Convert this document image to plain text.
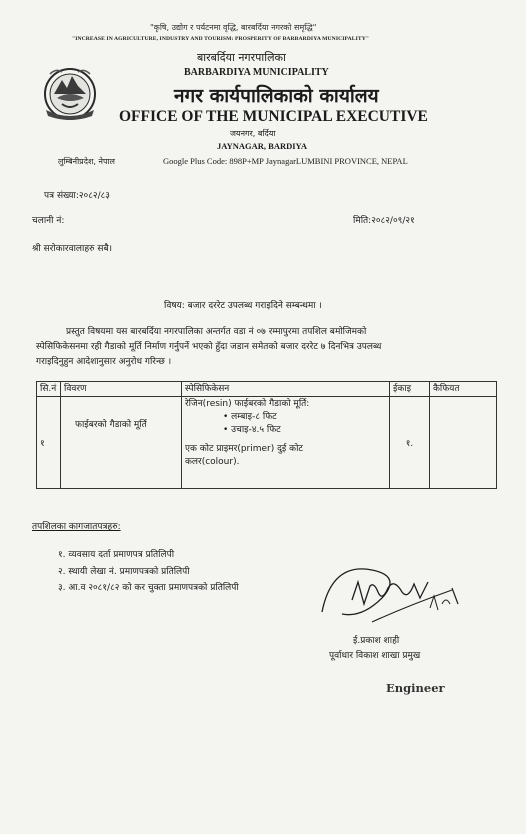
"कृषि, उद्योग र पर्यटनमा वृद्धि, बारबर्दिया नगरको समृद्धि"
"INCREASE IN AGRICULTURE, INDUSTRY AND TOURISM: PROSPERITY OF BARBARDIYA MUNICIPALITY"
बारबर्दिया नगरपालिका
BARBARDIYA MUNICIPALITY
नगर कार्यपालिकाको कार्यालय
OFFICE OF THE MUNICIPAL EXECUTIVE
जयनगर, बर्दिया
JAYNAGAR, BARDIYA
लुम्बिनीप्रदेश, नेपाल	Google Plus Code: 898P+MP JaynagarLUMBINI PROVINCE, NEPAL
पत्र संख्या:२०८२/८३
चलानी नं:	मिति:२०८२/०९/२१
श्री सरोकारवालाहरु सबै।
विषय: बजार दररेट उपलब्ध गराइदिने सम्बन्धमा ।
प्रस्तुत विषयमा यस बारबर्दिया नगरपालिका अन्तर्गत वडा नं ०७ रम्मापुरमा तपशिल बमोजिमको
स्पेसिफिकेसनमा रही गैडाको मूर्ति निर्माण गर्नुपर्ने भएको हुँदा जडान समेतको बजार दररेट ७ दिनभित्र उपलब्ध
गराइदिनुहुन आदेशानुसार अनुरोध गरिन्छ ।
सि.नं	विवरण	स्पेसिफिकेसन	ईकाइ	कैफियत
१	फाईबरको गैडाको मूर्ति	रेजिन(resin) फाईबरको गैडाको मूर्ति:
• लम्बाइ-८ फिट
• उचाइ-४.५ फिट
एक कोट प्राइमर(primer) दुई कोट
कलर(colour).	१.	
तपशिलका कागजातपत्रहरु:
१. व्यवसाय दर्ता प्रमाणपत्र प्रतिलिपी
२. स्थायी लेखा नं. प्रमाणपत्रको प्रतिलिपी
३. आ.व २०८१/८२ को कर चुक्ता प्रमाणपत्रको प्रतिलिपी
ई.प्रकाश शाही
पूर्वाधार विकाश शाखा प्रमुख
Engineer
